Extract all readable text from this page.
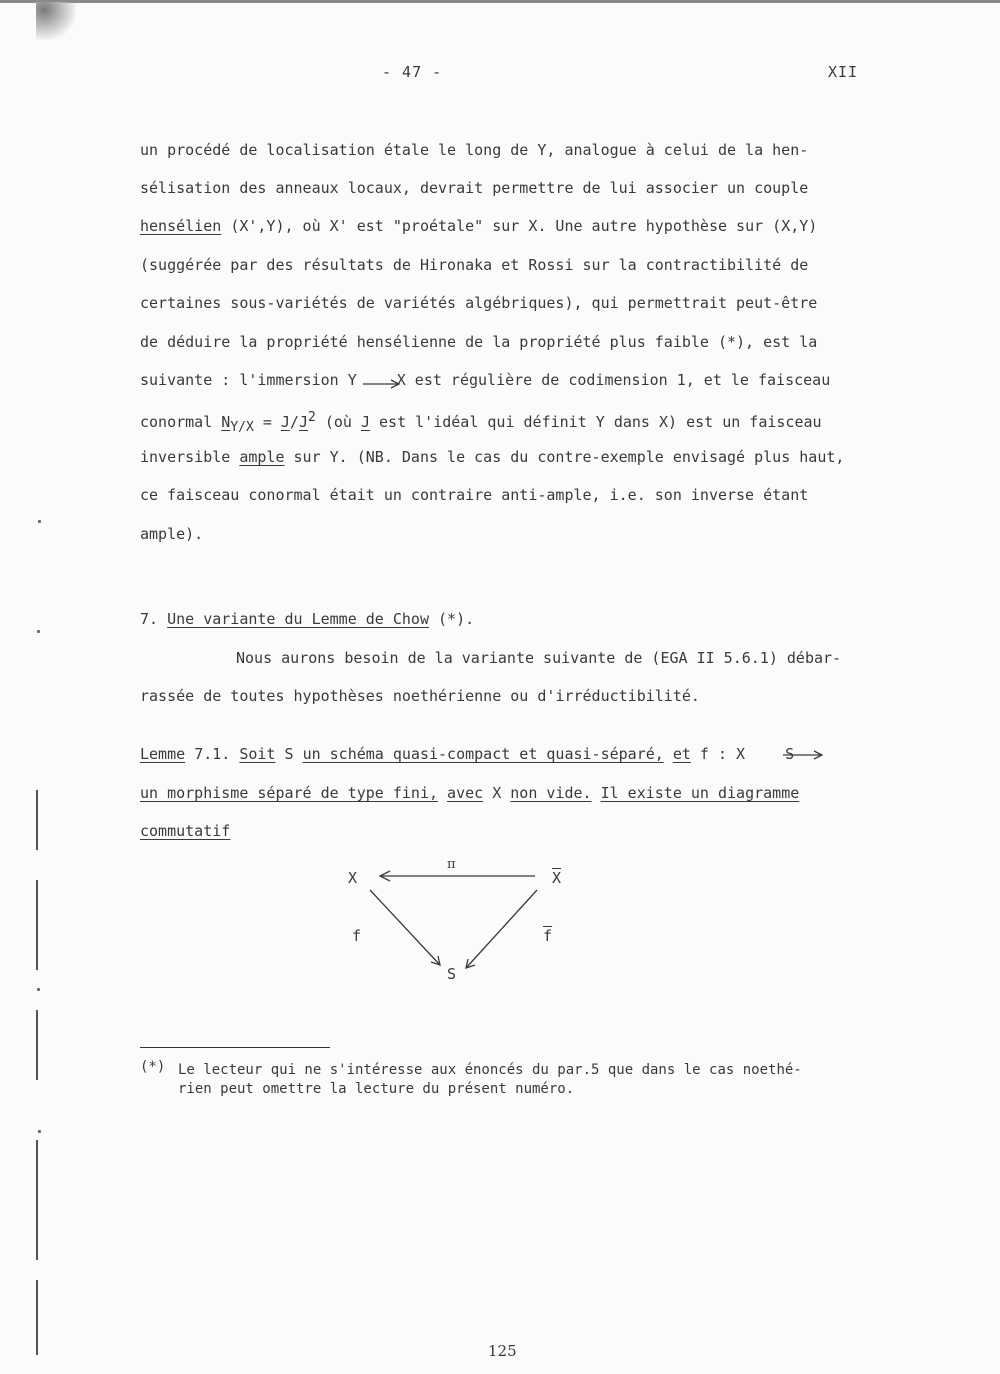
- 47 -	XII
un procédé de localisation étale le long de Y, analogue à celui de la hen-
sélisation des anneaux locaux, devrait permettre de lui associer un couple
hensélien (X',Y), où X' est "proétale" sur X. Une autre hypothèse sur (X,Y)
(suggérée par des résultats de Hironaka et Rossi sur la contractibilité de
certaines sous-variétés de variétés algébriques), qui permettrait peut-être
de déduire la propriété hensélienne de la propriété plus faible (*), est la
suivante : l'immersion Y	X est régulière de codimension 1, et le faisceau
conormal $N_{Y/X} = J/J^2$ (où J est l'idéal qui définit Y dans X) est un faisceau
inversible ample sur Y. (NB. Dans le cas du contre-exemple envisagé plus haut,
ce faisceau conormal était un contraire anti-ample, i.e. son inverse étant
ample).
7. Une variante du Lemme de Chow (*).
Nous aurons besoin de la variante suivante de (EGA II 5.6.1) débar-
rassée de toutes hypothèses noethérienne ou d'irréductibilité.
Lemme 7.1. Soit S un schéma quasi-compact et quasi-séparé, et f : X	S
un morphisme séparé de type fini, avec X non vide. Il existe un diagramme
commutatif
X	$\overline{X}$
π
f	$\overline{f}$
S
(*) Le lecteur qui ne s'intéresse aux énoncés du par.5 que dans le cas noethé-
rien peut omettre la lecture du présent numéro.
125
